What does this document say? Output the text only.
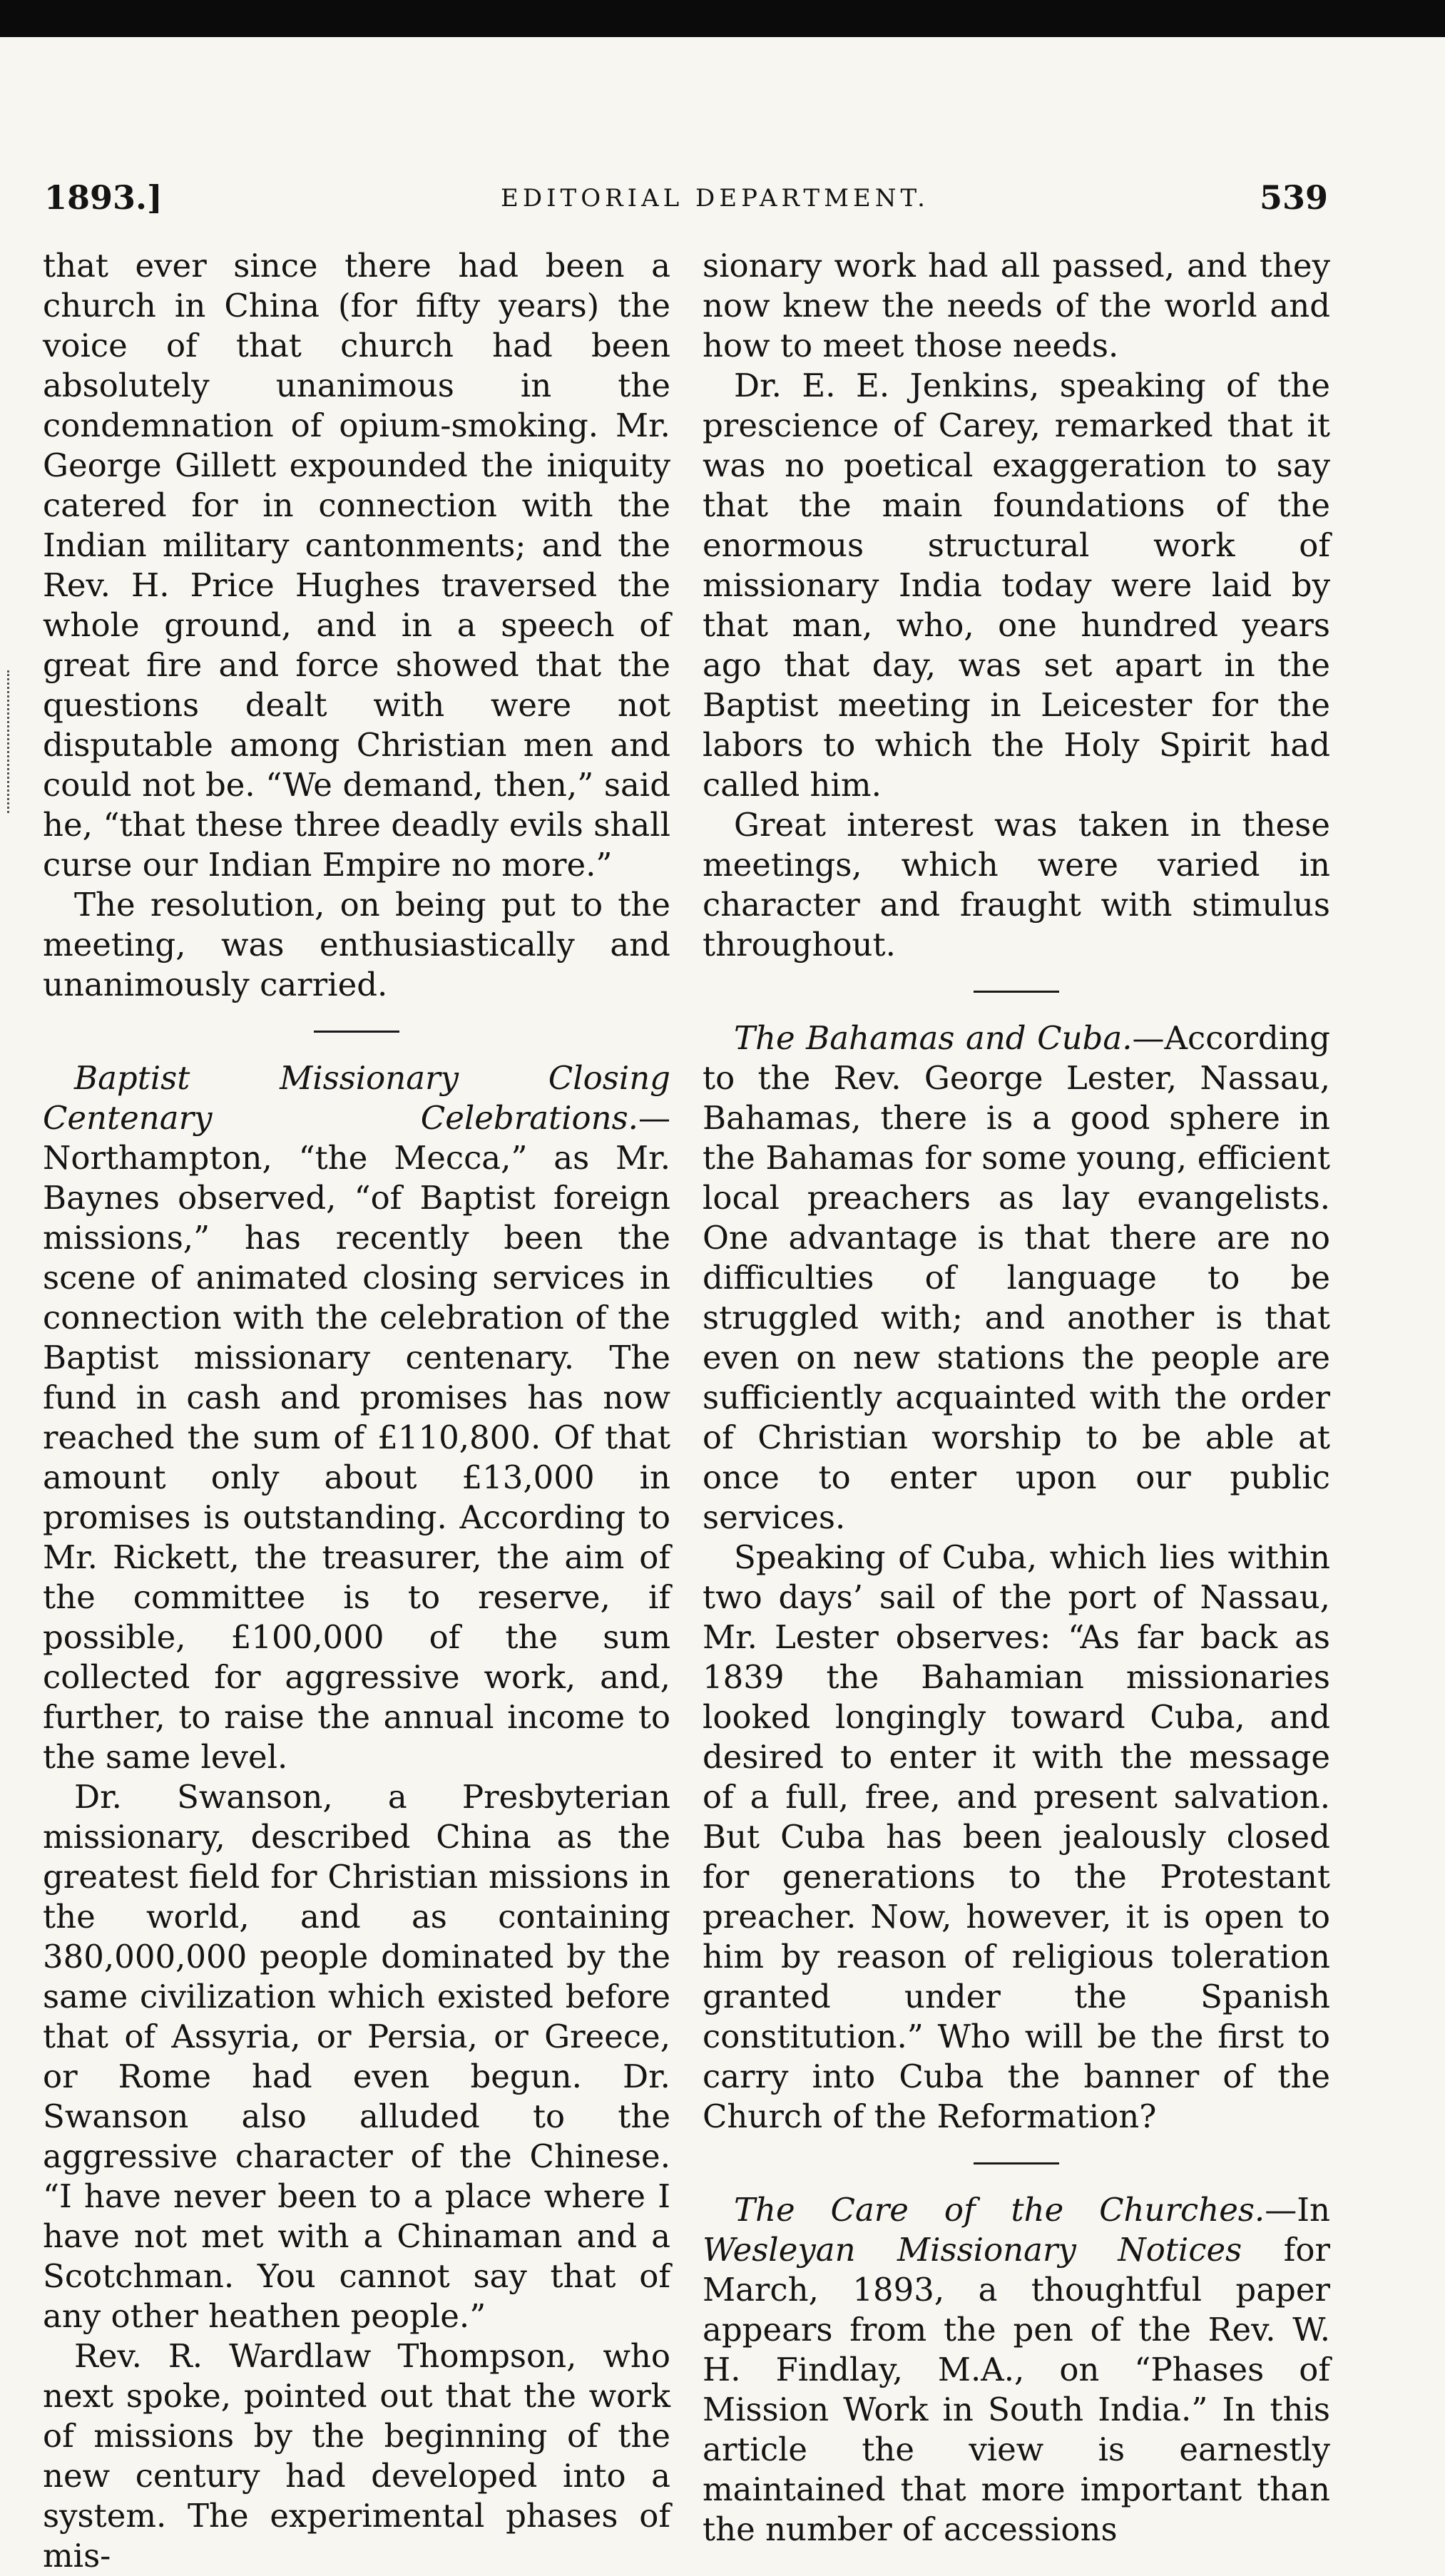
1893.]	EDITORIAL DEPARTMENT.	539

that ever since there had been a church in China (for fifty years) the voice of that church had been absolutely unanimous in the condemnation of opium-smoking. Mr. George Gillett expounded the iniquity catered for in connection with the Indian military cantonments; and the Rev. H. Price Hughes traversed the whole ground, and in a speech of great fire and force showed that the questions dealt with were not disputable among Christian men and could not be. “We demand, then,” said he, “that these three deadly evils shall curse our Indian Empire no more.”

The resolution, on being put to the meeting, was enthusiastically and unanimously carried.

Baptist Missionary Closing Centenary Celebrations.—Northampton, “the Mecca,” as Mr. Baynes observed, “of Baptist foreign missions,” has recently been the scene of animated closing services in connection with the celebration of the Baptist missionary centenary. The fund in cash and promises has now reached the sum of £110,800. Of that amount only about £13,000 in promises is outstanding. According to Mr. Rickett, the treasurer, the aim of the committee is to reserve, if possible, £100,000 of the sum collected for aggressive work, and, further, to raise the annual income to the same level.

Dr. Swanson, a Presbyterian missionary, described China as the greatest field for Christian missions in the world, and as containing 380,000,000 people dominated by the same civilization which existed before that of Assyria, or Persia, or Greece, or Rome had even begun. Dr. Swanson also alluded to the aggressive character of the Chinese. “I have never been to a place where I have not met with a Chinaman and a Scotchman. You cannot say that of any other heathen people.”

Rev. R. Wardlaw Thompson, who next spoke, pointed out that the work of missions by the beginning of the new century had developed into a system. The experimental phases of mis-

sionary work had all passed, and they now knew the needs of the world and how to meet those needs.

Dr. E. E. Jenkins, speaking of the prescience of Carey, remarked that it was no poetical exaggeration to say that the main foundations of the enormous structural work of missionary India today were laid by that man, who, one hundred years ago that day, was set apart in the Baptist meeting in Leicester for the labors to which the Holy Spirit had called him.

Great interest was taken in these meetings, which were varied in character and fraught with stimulus throughout.

The Bahamas and Cuba.—According to the Rev. George Lester, Nassau, Bahamas, there is a good sphere in the Bahamas for some young, efficient local preachers as lay evangelists. One advantage is that there are no difficulties of language to be struggled with; and another is that even on new stations the people are sufficiently acquainted with the order of Christian worship to be able at once to enter upon our public services.

Speaking of Cuba, which lies within two days’ sail of the port of Nassau, Mr. Lester observes: “As far back as 1839 the Bahamian missionaries looked longingly toward Cuba, and desired to enter it with the message of a full, free, and present salvation. But Cuba has been jealously closed for generations to the Protestant preacher. Now, however, it is open to him by reason of religious toleration granted under the Spanish constitution.” Who will be the first to carry into Cuba the banner of the Church of the Reformation?

The Care of the Churches.—In Wesleyan Missionary Notices for March, 1893, a thoughtful paper appears from the pen of the Rev. W. H. Findlay, M.A., on “Phases of Mission Work in South India.” In this article the view is earnestly maintained that more important than the number of accessions
